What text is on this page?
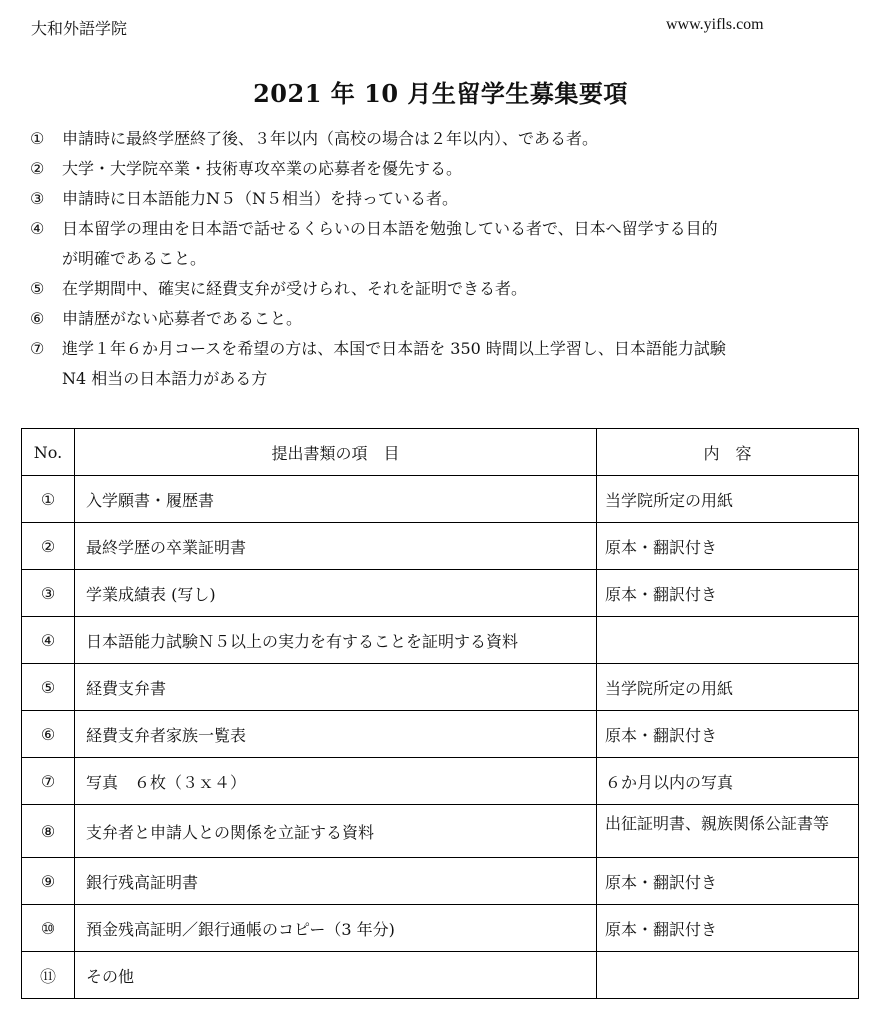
大和外語学院	www.yifls.com
2021 年 10 月生留学生募集要項
①	申請時に最終学歴終了後、３年以内（高校の場合は２年以内）、である者。
②	大学・大学院卒業・技術専攻卒業の応募者を優先する。
③	申請時に日本語能力N５（N５相当）を持っている者。
④	日本留学の理由を日本語で話せるくらいの日本語を勉強している者で、日本へ留学する目的
が明確であること。
⑤	在学期間中、確実に経費支弁が受けられ、それを証明できる者。
⑥	申請歴がない応募者であること。
⑦	進学１年６か月コースを希望の方は、本国で日本語を 350 時間以上学習し、日本語能力試験
N4 相当の日本語力がある方
No.	提出書類の項　目	内　容
①	入学願書・履歴書	当学院所定の用紙
②	最終学歴の卒業証明書	原本・翻訳付き
③	学業成績表 (写し)	原本・翻訳付き
④	日本語能力試験Ｎ５以上の実力を有することを証明する資料	
⑤	経費支弁書	当学院所定の用紙
⑥	経費支弁者家族一覧表	原本・翻訳付き
⑦	写真　６枚（３ｘ４）	６か月以内の写真
⑧	支弁者と申請人との関係を立証する資料	出征証明書、親族関係公証書等
⑨	銀行残高証明書	原本・翻訳付き
⑩	預金残高証明／銀行通帳のコピー（3 年分)	原本・翻訳付き
⑪	その他	
